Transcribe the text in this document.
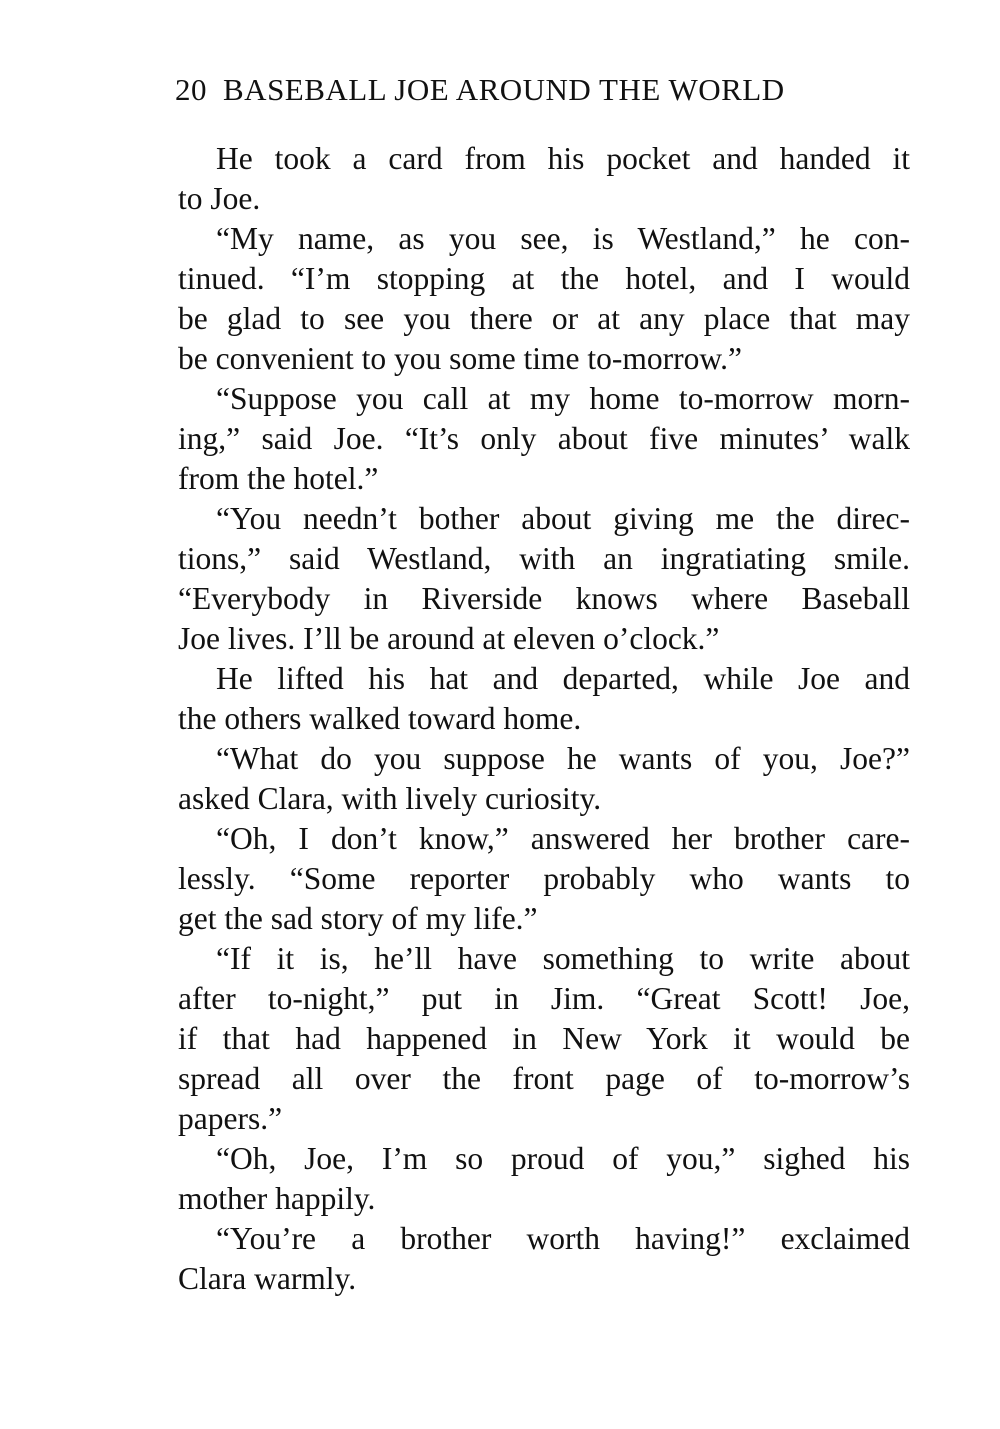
20 BASEBALL JOE AROUND THE WORLD
He took a card from his pocket and handed it
to Joe.
“My name, as you see, is Westland,” he con-
tinued. “I’m stopping at the hotel, and I would
be glad to see you there or at any place that may
be convenient to you some time to-morrow.”
“Suppose you call at my home to-morrow morn-
ing,” said Joe. “It’s only about five minutes’ walk
from the hotel.”
“You needn’t bother about giving me the direc-
tions,” said Westland, with an ingratiating smile.
“Everybody in Riverside knows where Baseball
Joe lives. I’ll be around at eleven o’clock.”
He lifted his hat and departed, while Joe and
the others walked toward home.
“What do you suppose he wants of you, Joe?”
asked Clara, with lively curiosity.
“Oh, I don’t know,” answered her brother care-
lessly. “Some reporter probably who wants to
get the sad story of my life.”
“If it is, he’ll have something to write about
after to-night,” put in Jim. “Great Scott! Joe,
if that had happened in New York it would be
spread all over the front page of to-morrow’s
papers.”
“Oh, Joe, I’m so proud of you,” sighed his
mother happily.
“You’re a brother worth having!” exclaimed
Clara warmly.
